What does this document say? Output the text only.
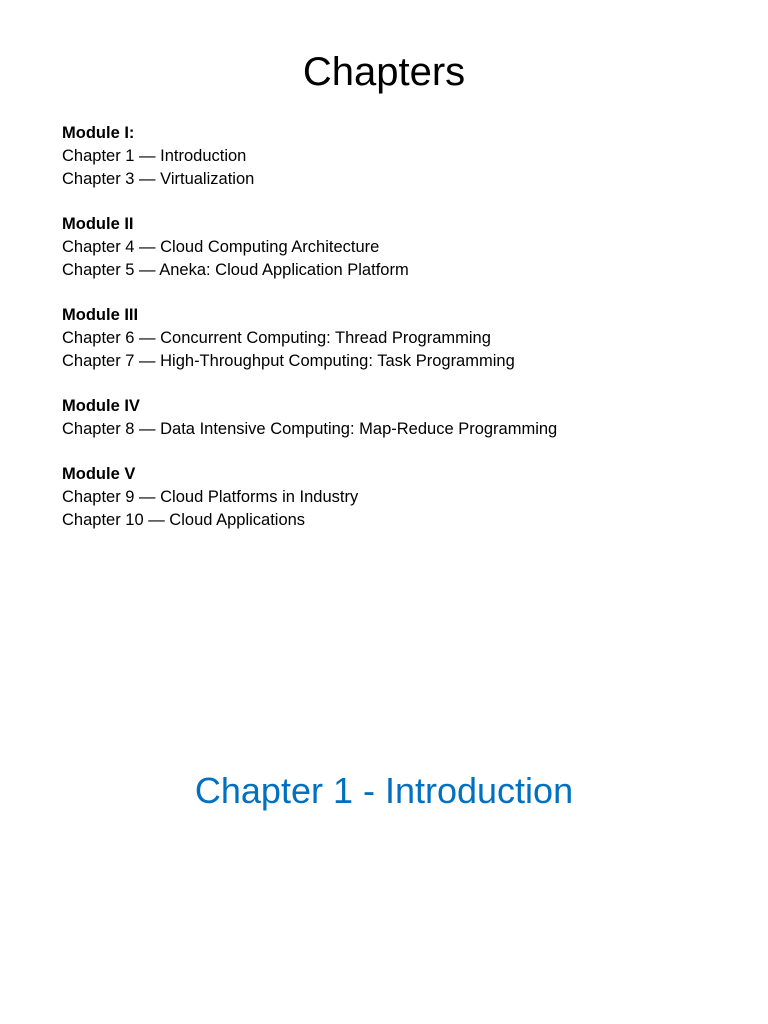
Chapters

Module I:

Chapter 1 — Introduction

Chapter 3 — Virtualization

Module II

Chapter 4 — Cloud Computing Architecture

Chapter 5 — Aneka: Cloud Application Platform

Module III

Chapter 6 — Concurrent Computing: Thread Programming

Chapter 7 — High-Throughput Computing: Task Programming

Module IV

Chapter 8 — Data Intensive Computing: Map-Reduce Programming

Module V

Chapter 9 — Cloud Platforms in Industry

Chapter 10 — Cloud Applications

Chapter 1 - Introduction
